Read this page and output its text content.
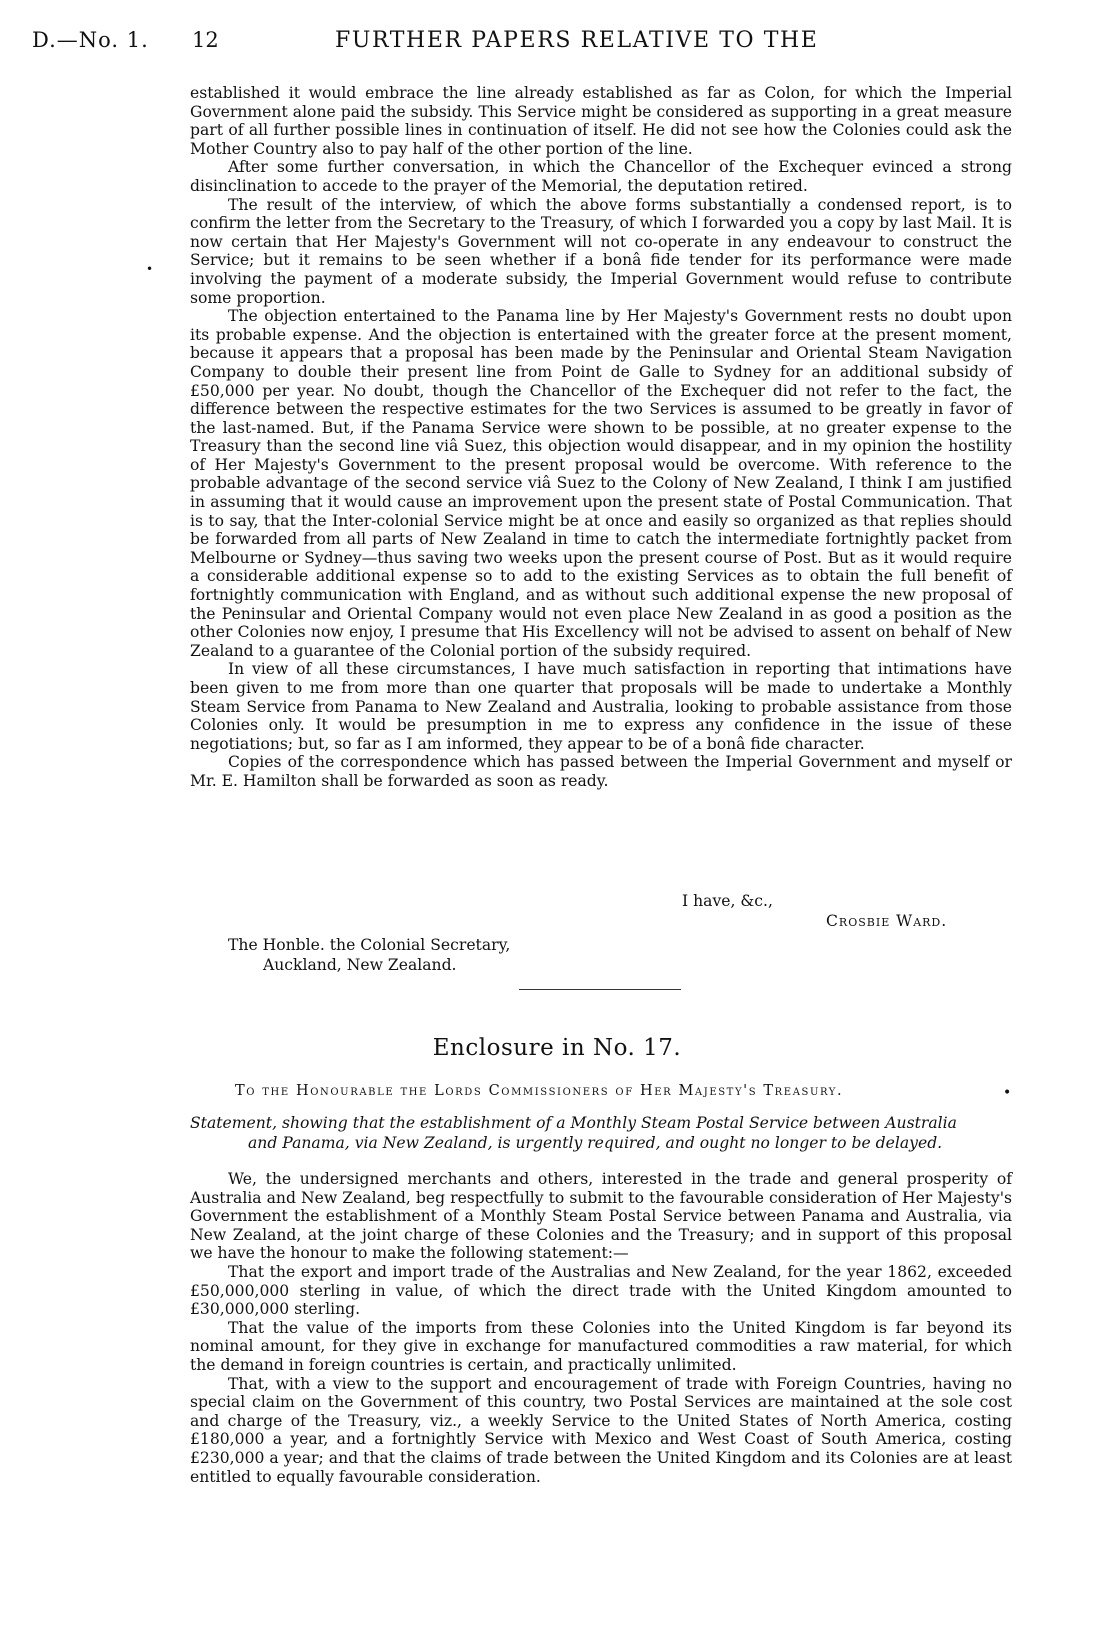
D.—No. 1. 12	FURTHER PAPERS RELATIVE TO THE
•

established it would embrace the line already established as far as Colon, for which the Imperial Government alone paid the subsidy. This Service might be considered as supporting in a great measure part of all further possible lines in continuation of itself. He did not see how the Colonies could ask the Mother Country also to pay half of the other portion of the line.

After some further conversation, in which the Chancellor of the Exchequer evinced a strong disinclination to accede to the prayer of the Memorial, the deputation retired.

The result of the interview, of which the above forms substantially a condensed report, is to confirm the letter from the Secretary to the Treasury, of which I forwarded you a copy by last Mail. It is now certain that Her Majesty's Government will not co-operate in any endeavour to construct the Service; but it remains to be seen whether if a bonâ fide tender for its performance were made involving the payment of a moderate subsidy, the Imperial Government would refuse to contribute some proportion.

The objection entertained to the Panama line by Her Majesty's Government rests no doubt upon its probable expense. And the objection is entertained with the greater force at the present moment, because it appears that a proposal has been made by the Peninsular and Oriental Steam Navigation Company to double their present line from Point de Galle to Sydney for an additional subsidy of £50,000 per year. No doubt, though the Chancellor of the Exchequer did not refer to the fact, the difference between the respective estimates for the two Services is assumed to be greatly in favor of the last-named. But, if the Panama Service were shown to be possible, at no greater expense to the Treasury than the second line viâ Suez, this objection would disappear, and in my opinion the hostility of Her Majesty's Government to the present proposal would be overcome. With reference to the probable advantage of the second service viâ Suez to the Colony of New Zealand, I think I am justified in assuming that it would cause an improvement upon the present state of Postal Communication. That is to say, that the Inter-colonial Service might be at once and easily so organized as that replies should be forwarded from all parts of New Zealand in time to catch the intermediate fortnightly packet from Melbourne or Sydney—thus saving two weeks upon the present course of Post. But as it would require a considerable additional expense so to add to the existing Services as to obtain the full benefit of fortnightly communication with England, and as without such additional expense the new proposal of the Peninsular and Oriental Company would not even place New Zealand in as good a position as the other Colonies now enjoy, I presume that His Excellency will not be advised to assent on behalf of New Zealand to a guarantee of the Colonial portion of the subsidy required.

In view of all these circumstances, I have much satisfaction in reporting that intimations have been given to me from more than one quarter that proposals will be made to undertake a Monthly Steam Service from Panama to New Zealand and Australia, looking to probable assistance from those Colonies only. It would be presumption in me to express any confidence in the issue of these negotiations; but, so far as I am informed, they appear to be of a bonâ fide character.

Copies of the correspondence which has passed between the Imperial Government and myself or Mr. E. Hamilton shall be forwarded as soon as ready.

I have, &c.,
Crosbie Ward.
The Honble. the Colonial Secretary,
Auckland, New Zealand.
Enclosure in No. 17.
To the Honourable the Lords Commissioners of Her Majesty's Treasury.	•
Statement, showing that the establishment of a Monthly Steam Postal Service between Australia
and Panama, via New Zealand, is urgently required, and ought no longer to be delayed.

We, the undersigned merchants and others, interested in the trade and general prosperity of Australia and New Zealand, beg respectfully to submit to the favourable consideration of Her Majesty's Government the establishment of a Monthly Steam Postal Service between Panama and Australia, via New Zealand, at the joint charge of these Colonies and the Treasury; and in support of this proposal we have the honour to make the following statement:—

That the export and import trade of the Australias and New Zealand, for the year 1862, exceeded £50,000,000 sterling in value, of which the direct trade with the United Kingdom amounted to £30,000,000 sterling.

That the value of the imports from these Colonies into the United Kingdom is far beyond its nominal amount, for they give in exchange for manufactured commodities a raw material, for which the demand in foreign countries is certain, and practically unlimited.

That, with a view to the support and encouragement of trade with Foreign Countries, having no special claim on the Government of this country, two Postal Services are maintained at the sole cost and charge of the Treasury, viz., a weekly Service to the United States of North America, costing £180,000 a year, and a fortnightly Service with Mexico and West Coast of South America, costing £230,000 a year; and that the claims of trade between the United Kingdom and its Colonies are at least entitled to equally favourable consideration.
